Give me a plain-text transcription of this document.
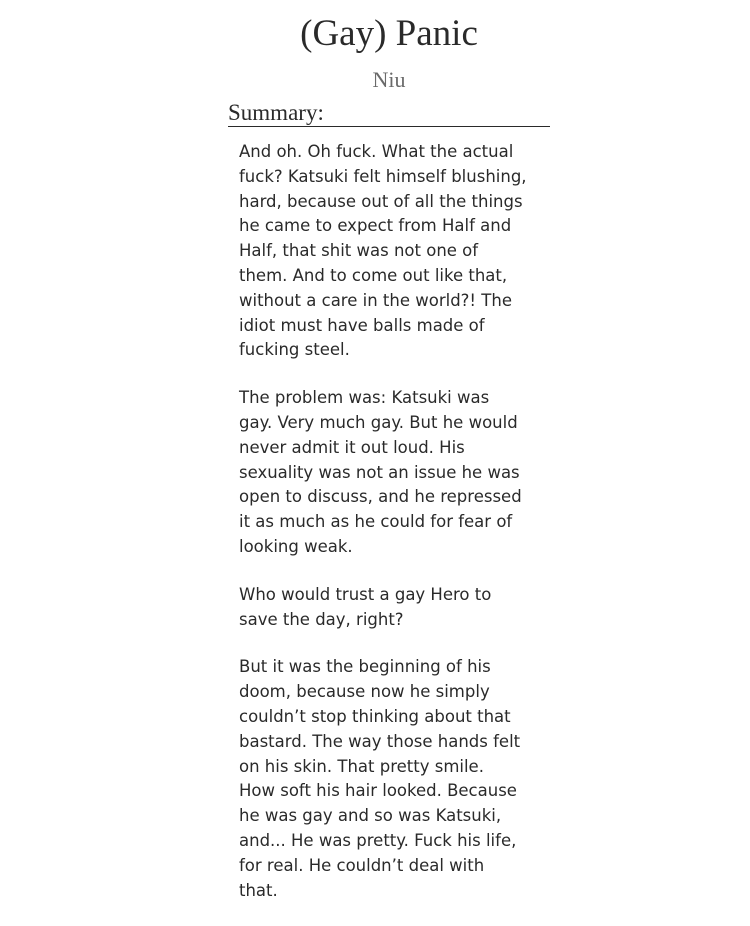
(Gay) Panic
Niu
Summary:

And oh. Oh fuck. What the actual
fuck? Katsuki felt himself blushing,
hard, because out of all the things
he came to expect from Half and
Half, that shit was not one of
them. And to come out like that,
without a care in the world?! The
idiot must have balls made of
fucking steel.

The problem was: Katsuki was
gay. Very much gay. But he would
never admit it out loud. His
sexuality was not an issue he was
open to discuss, and he repressed
it as much as he could for fear of
looking weak.

Who would trust a gay Hero to
save the day, right?

But it was the beginning of his
doom, because now he simply
couldn’t stop thinking about that
bastard. The way those hands felt
on his skin. That pretty smile.
How soft his hair looked. Because
he was gay and so was Katsuki,
and... He was pretty. Fuck his life,
for real. He couldn’t deal with
that.
